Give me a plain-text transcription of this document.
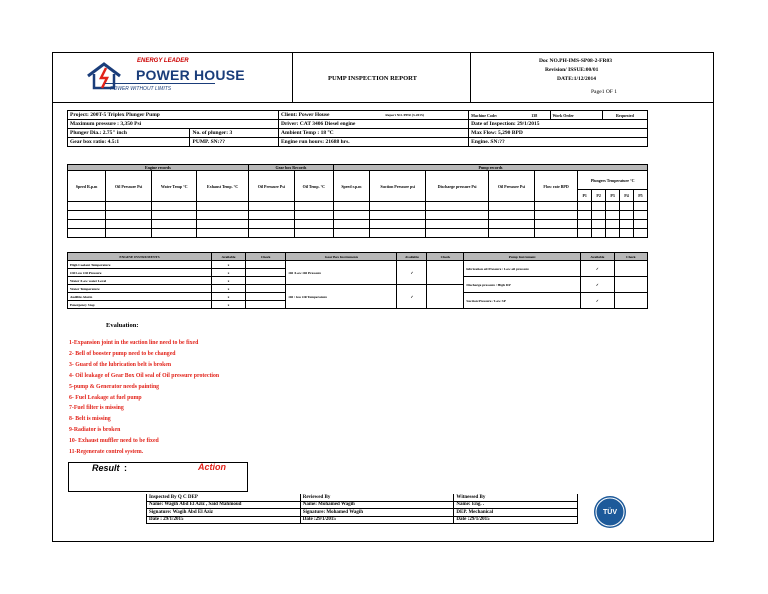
ENERGY LEADER
POWER HOUSE
POWER WITHOUT LIMITS
PUMP INSPECTION REPORT
Doc NO.PH-IMS-SP08-2-FR03
Revision/ ISSUE:00/01
DATE:1/12/2014
Page1 OF 1
Project: 200T-5 Triplex Plunger Pump		Client: Power House	Report NO.:PPR (3-2015)	Machine Code:	138	Work Order	Requested
Maximum pressure : 3,350 Psi		Driver: CAT 3406 Diesel engine		Date of Inspection: 29/1/2015			
Plunger Dia.: 2.75" inch	No. of plunger: 3	Ambient Temp : 18 °C		Max Flow: 5,290 BPD			
Gear box ratio: 4.5:1	PUMP. SN:??	Engine run hours: 21688 hrs.		Engine. SN:??			
Engine records				Gear box Records		Pump records									
Speed R.p.m	Oil Pressure Psi	Water Temp °C	Exhaust Temp. °C	Oil Pressure Psi	Oil Temp. °C	Speed r.p.m	Suction Pressure psi	Discharge pressure Psi	Oil Pressure Psi	Flow rate BPD	Plungers Temperature °C				
											P1	P2	P3	P4	P5

ENGINE INSTRUMENTS	Available	Check	Gear Box Instruments	Available	Check	Pump Instrument	Available	Check
High Coolant Temperature	x		Oil /Low Oil Pressure	✓		lubrication oil Pressure / Low oil pressure	✓	
Oil Low Oil Pressure	x							
Water /Low water Level	x					Discharge pressure / High DP	✓	
Water Temperature	x		Oil / low Oil Temperature	✓				
Audible Alarm	x					Suction Pressure / Low SP	✓	
Emergency Stop	x							
Evaluation:
1-Expansion joint in the suction line need to be fixed
2- Bell of booster pump need to be changed
3- Guard of the lubrication belt is broken
4- Oil leakage of Gear Box Oil seal of Oil pressure protection
5-pump & Generator needs painting
6- Fuel Leakage at fuel pump
7-Fuel filter is missing
8- Belt is missing
9-Radiator is broken
10- Exhaust muffler need to be fixed
11-Regenerate control system.
Result :	Action
Inspected By Q C DEP	Reviewed By	Witnessed By
Name: Wagih Abd El Aziz , Said Mahmoud	Name: Mohamed Wagih	Name: Eng. .
Signature: Wagih Abd El Aziz	Signature: Mohamed Wagih	DEP. Mechanical
Date : 29/1/2015	Date :29/1/2015	Date :29/1/2015
TÜV
